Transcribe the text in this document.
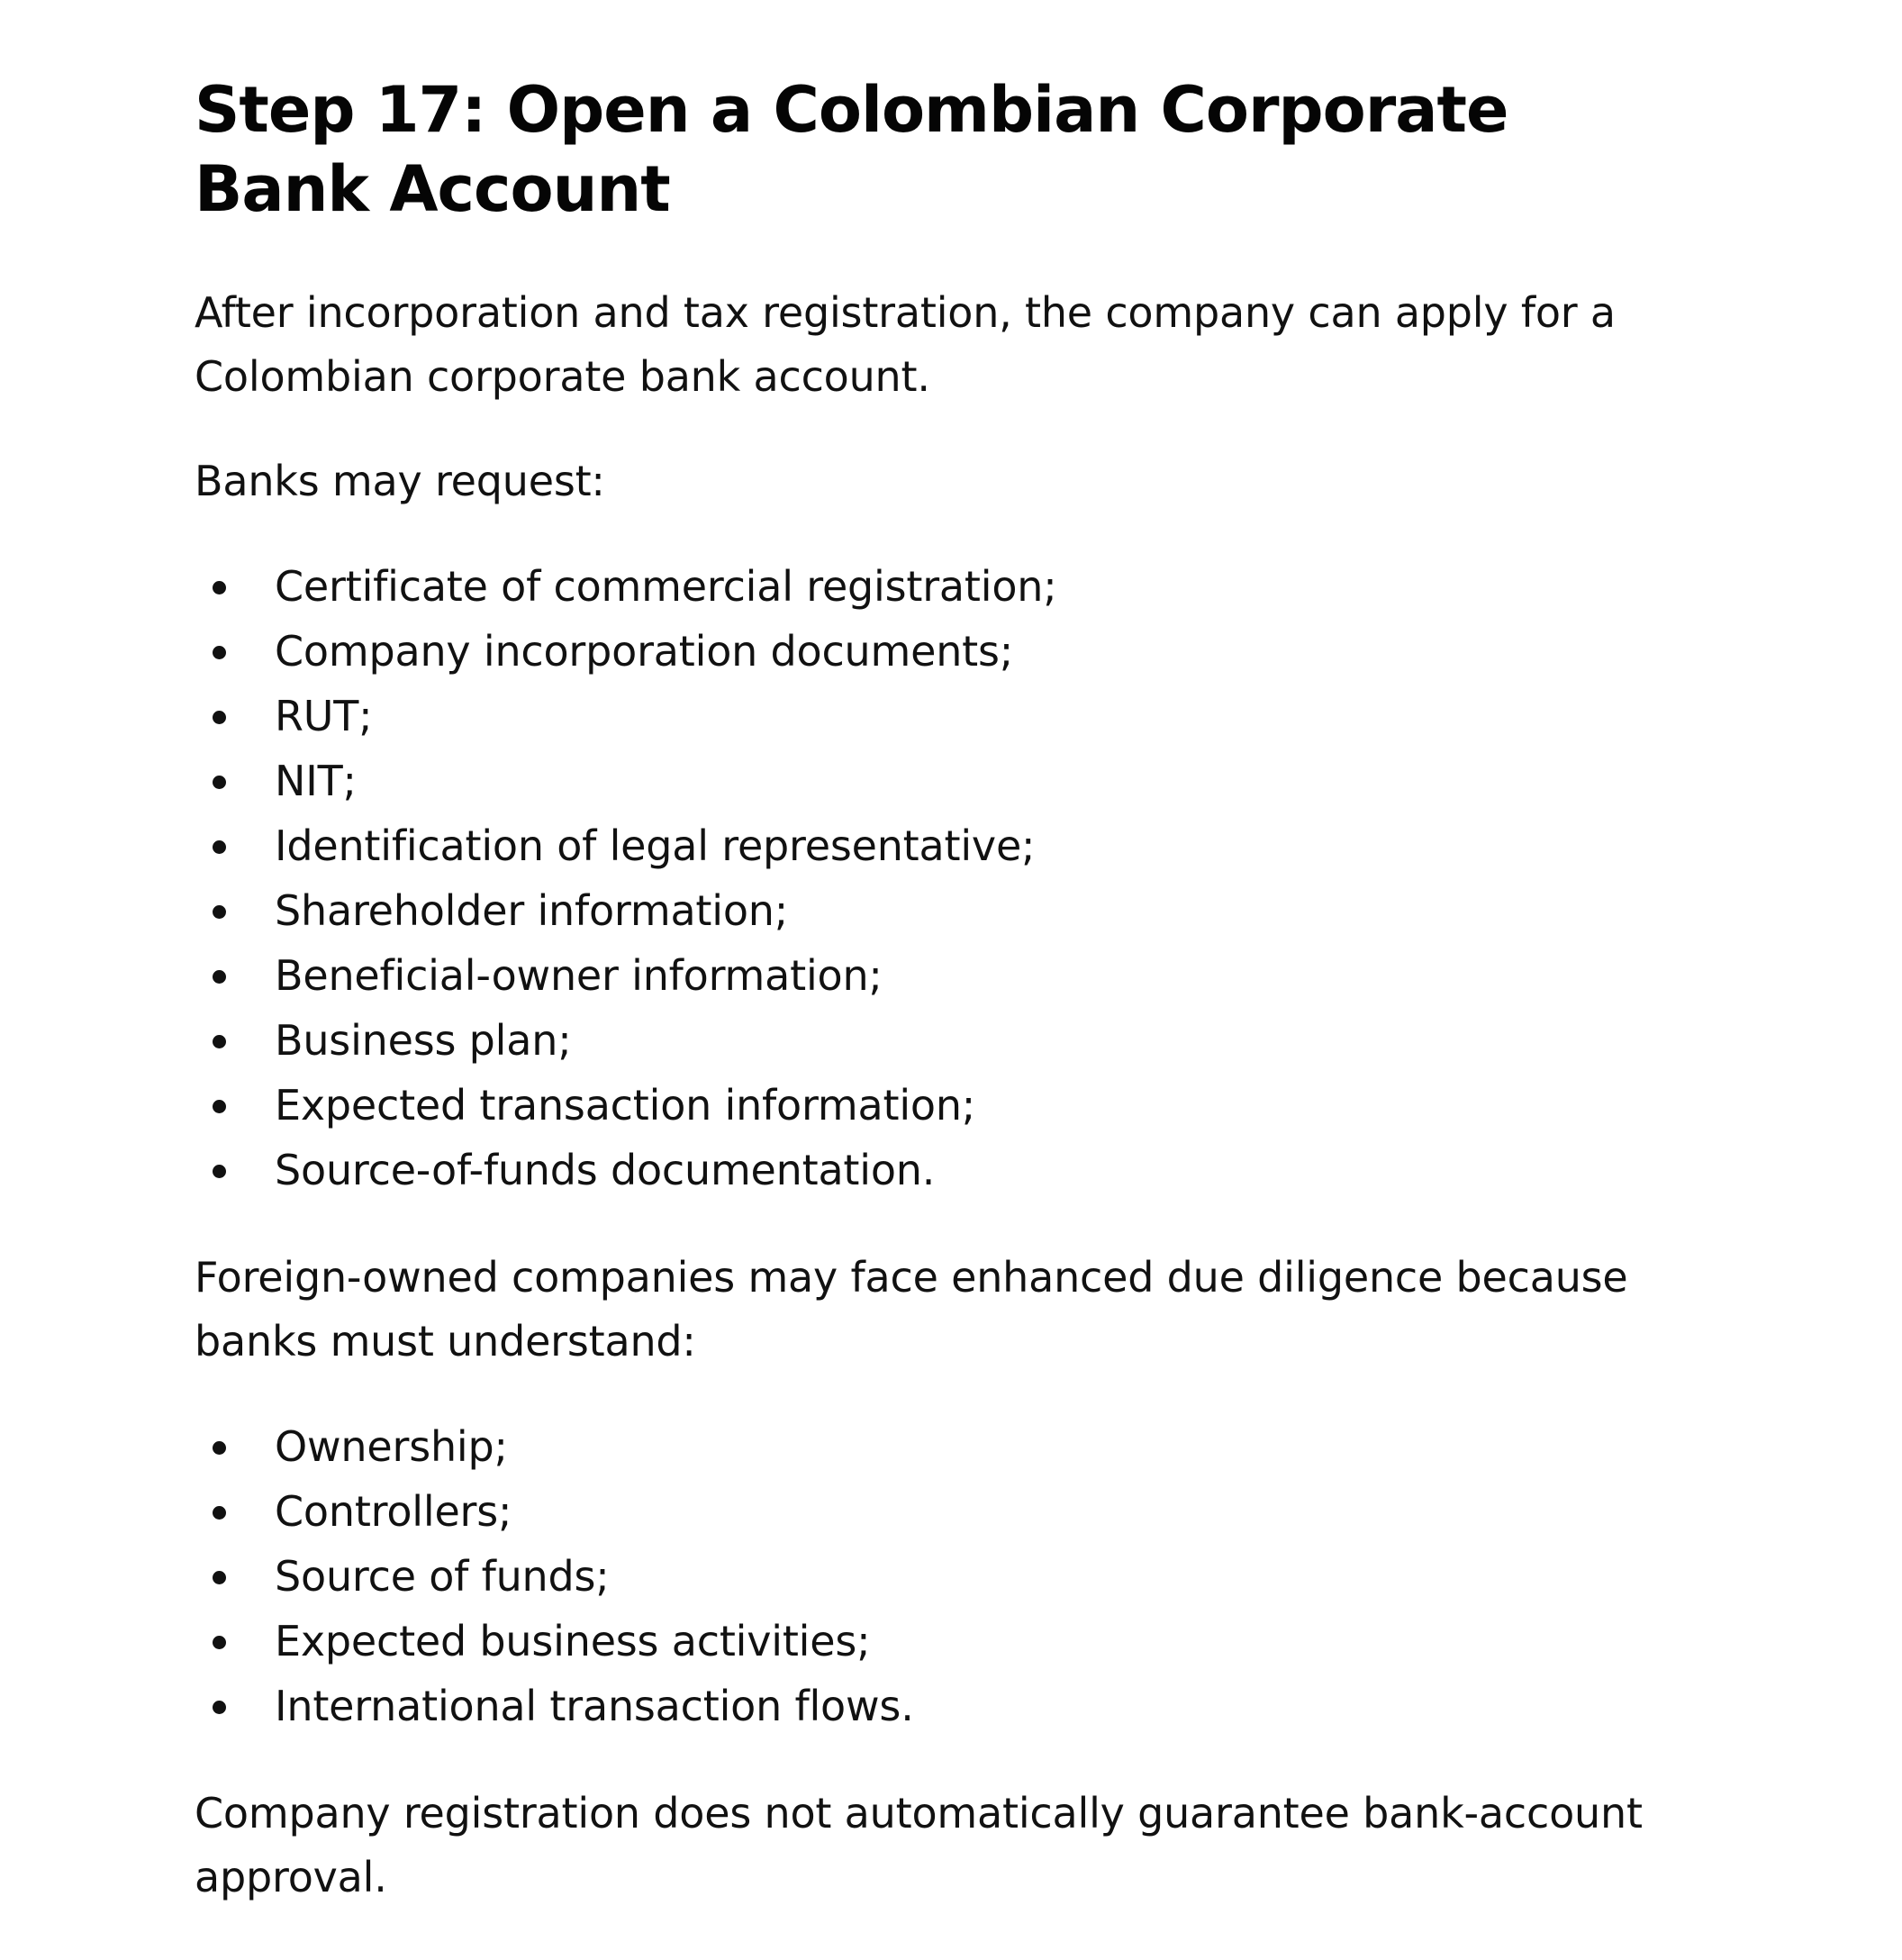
Step 17: Open a Colombian Corporate Bank Account

After incorporation and tax registration, the company can apply for a Colombian corporate bank account.

Banks may request:

Certificate of commercial registration;
Company incorporation documents;
RUT;
NIT;
Identification of legal representative;
Shareholder information;
Beneficial-owner information;
Business plan;
Expected transaction information;
Source-of-funds documentation.

Foreign-owned companies may face enhanced due diligence because banks must understand:

Ownership;
Controllers;
Source of funds;
Expected business activities;
International transaction flows.

Company registration does not automatically guarantee bank-account approval.
